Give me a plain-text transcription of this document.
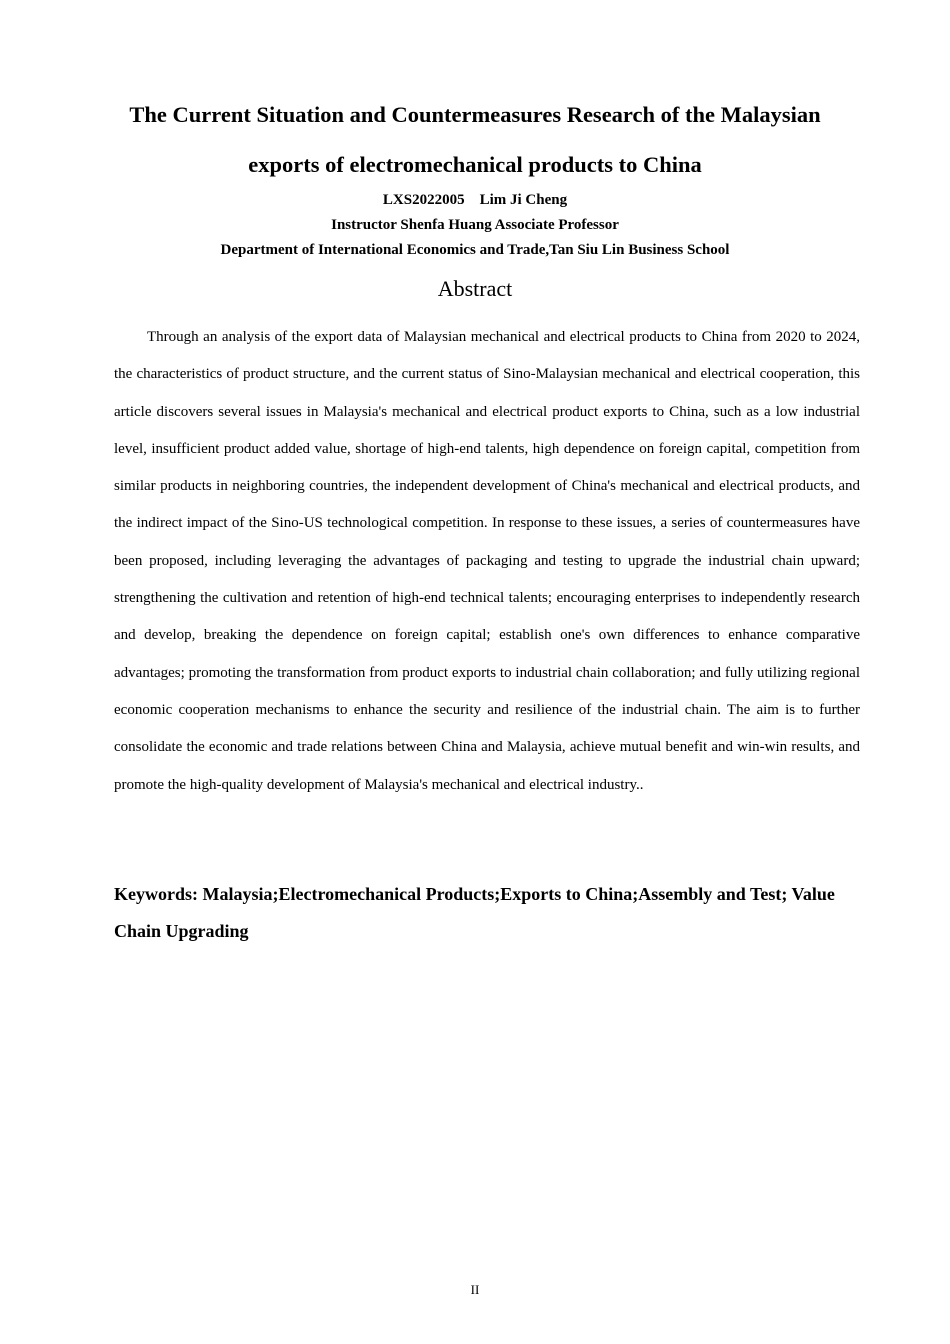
The Current Situation and Countermeasures Research of the Malaysian
exports of electromechanical products to China
LXS2022005    Lim Ji Cheng
Instructor Shenfa Huang Associate Professor
Department of International Economics and Trade,Tan Siu Lin Business School
Abstract

Through an analysis of the export data of Malaysian mechanical and electrical products to China from 2020 to 2024, the characteristics of product structure, and the current status of Sino-Malaysian mechanical and electrical cooperation, this article discovers several issues in Malaysia's mechanical and electrical product exports to China, such as a low industrial level, insufficient product added value, shortage of high-end talents, high dependence on foreign capital, competition from similar products in neighboring countries, the independent development of China's mechanical and electrical products, and the indirect impact of the Sino-US technological competition. In response to these issues, a series of countermeasures have been proposed, including leveraging the advantages of packaging and testing to upgrade the industrial chain upward; strengthening the cultivation and retention of high-end technical talents; encouraging enterprises to independently research and develop, breaking the dependence on foreign capital; establish one's own differences to enhance comparative advantages; promoting the transformation from product exports to industrial chain collaboration; and fully utilizing regional economic cooperation mechanisms to enhance the security and resilience of the industrial chain. The aim is to further consolidate the economic and trade relations between China and Malaysia, achieve mutual benefit and win-win results, and promote the high-quality development of Malaysia's mechanical and electrical industry..

Keywords: Malaysia;Electromechanical Products;Exports to China;Assembly and Test; Value Chain Upgrading

II
